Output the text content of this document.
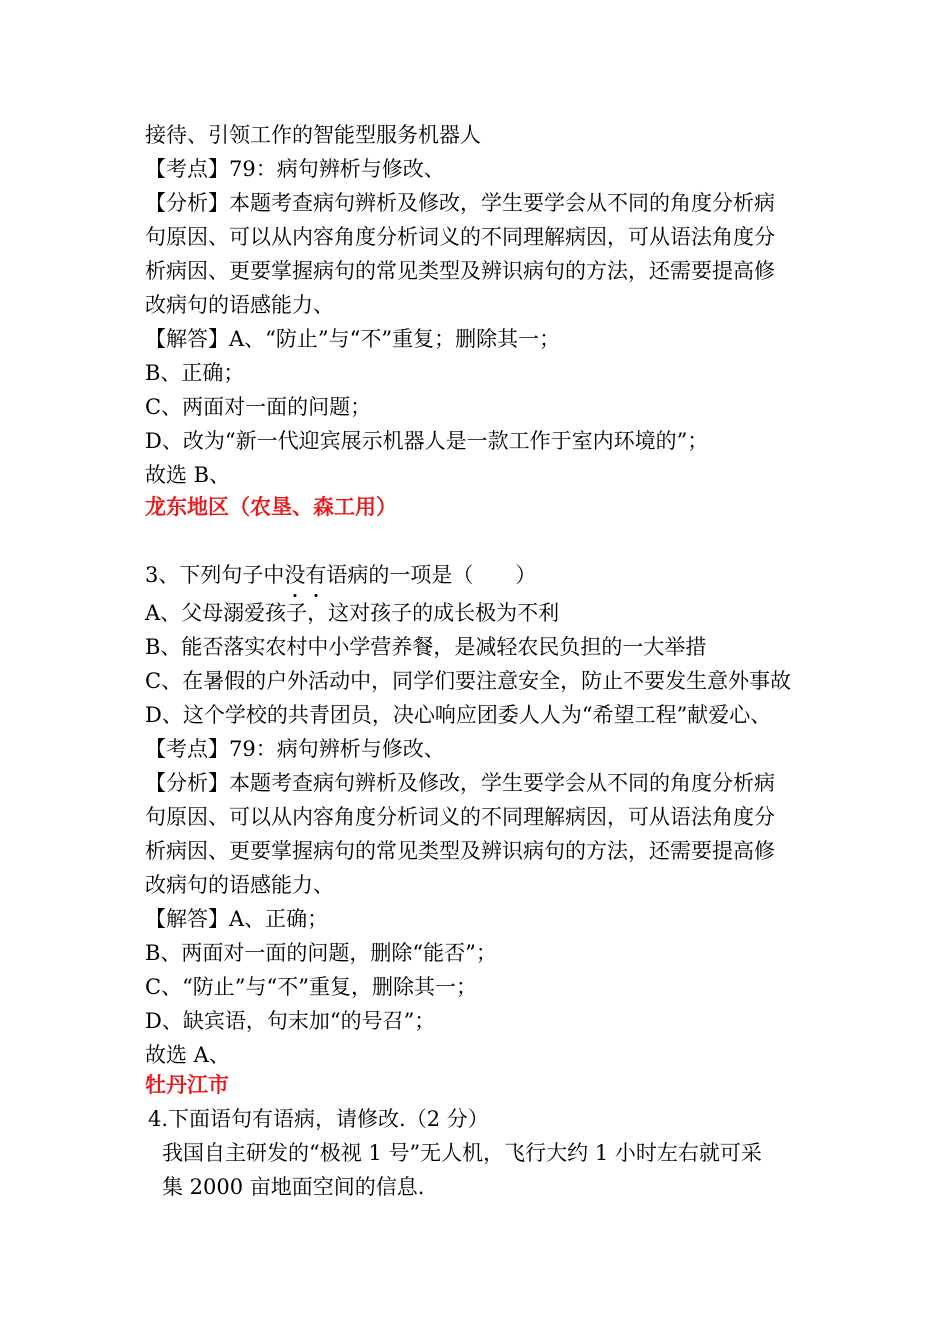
接待、引领工作的智能型服务机器人
【考点】79：病句辨析与修改、
【分析】本题考查病句辨析及修改，学生要学会从不同的角度分析病
句原因、可以从内容角度分析词义的不同理解病因，可从语法角度分
析病因、更要掌握病句的常见类型及辨识病句的方法，还需要提高修
改病句的语感能力、
【解答】A、“防止”与“不”重复；删除其一；
B、正确；
C、两面对一面的问题；
D、改为“新一代迎宾展示机器人是一款工作于室内环境的”；
故选 B、
龙东地区（农垦、森工用）
3、下列句子中没有语病的一项是（　　）
A、父母溺爱孩子，这对孩子的成长极为不利
B、能否落实农村中小学营养餐，是减轻农民负担的一大举措
C、在暑假的户外活动中，同学们要注意安全，防止不要发生意外事故
D、这个学校的共青团员，决心响应团委人人为“希望工程”献爱心、
【考点】79：病句辨析与修改、
【分析】本题考查病句辨析及修改，学生要学会从不同的角度分析病
句原因、可以从内容角度分析词义的不同理解病因，可从语法角度分
析病因、更要掌握病句的常见类型及辨识病句的方法，还需要提高修
改病句的语感能力、
【解答】A、正确；
B、两面对一面的问题，删除“能否”；
C、“防止”与“不”重复，删除其一；
D、缺宾语，句末加“的号召”；
故选 A、
牡丹江市
4.下面语句有语病，请修改.（2 分）
我国自主研发的“极视 1 号”无人机，飞行大约 1 小时左右就可采
集 2000 亩地面空间的信息.
